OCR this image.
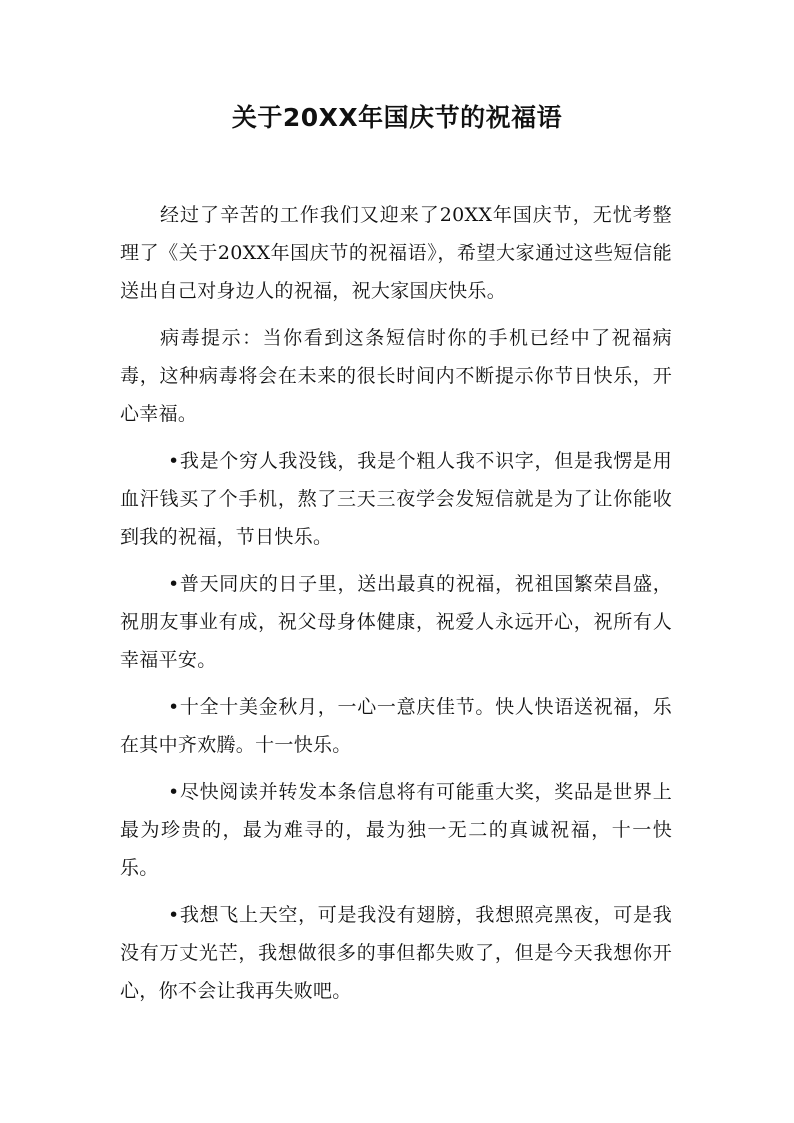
关于20XX年国庆节的祝福语

经过了辛苦的工作我们又迎来了20XX年国庆节，无忧考整理了《关于20XX年国庆节的祝福语》，希望大家通过这些短信能送出自己对身边人的祝福，祝大家国庆快乐。

病毒提示：当你看到这条短信时你的手机已经中了祝福病毒，这种病毒将会在未来的很长时间内不断提示你节日快乐，开心幸福。

•我是个穷人我没钱，我是个粗人我不识字，但是我愣是用血汗钱买了个手机，熬了三天三夜学会发短信就是为了让你能收到我的祝福，节日快乐。

•普天同庆的日子里，送出最真的祝福，祝祖国繁荣昌盛，祝朋友事业有成，祝父母身体健康，祝爱人永远开心，祝所有人幸福平安。

•十全十美金秋月，一心一意庆佳节。快人快语送祝福，乐在其中齐欢腾。十一快乐。

•尽快阅读并转发本条信息将有可能重大奖，奖品是世界上最为珍贵的，最为难寻的，最为独一无二的真诚祝福，十一快乐。

•我想飞上天空，可是我没有翅膀，我想照亮黑夜，可是我没有万丈光芒，我想做很多的事但都失败了，但是今天我想你开心，你不会让我再失败吧。
